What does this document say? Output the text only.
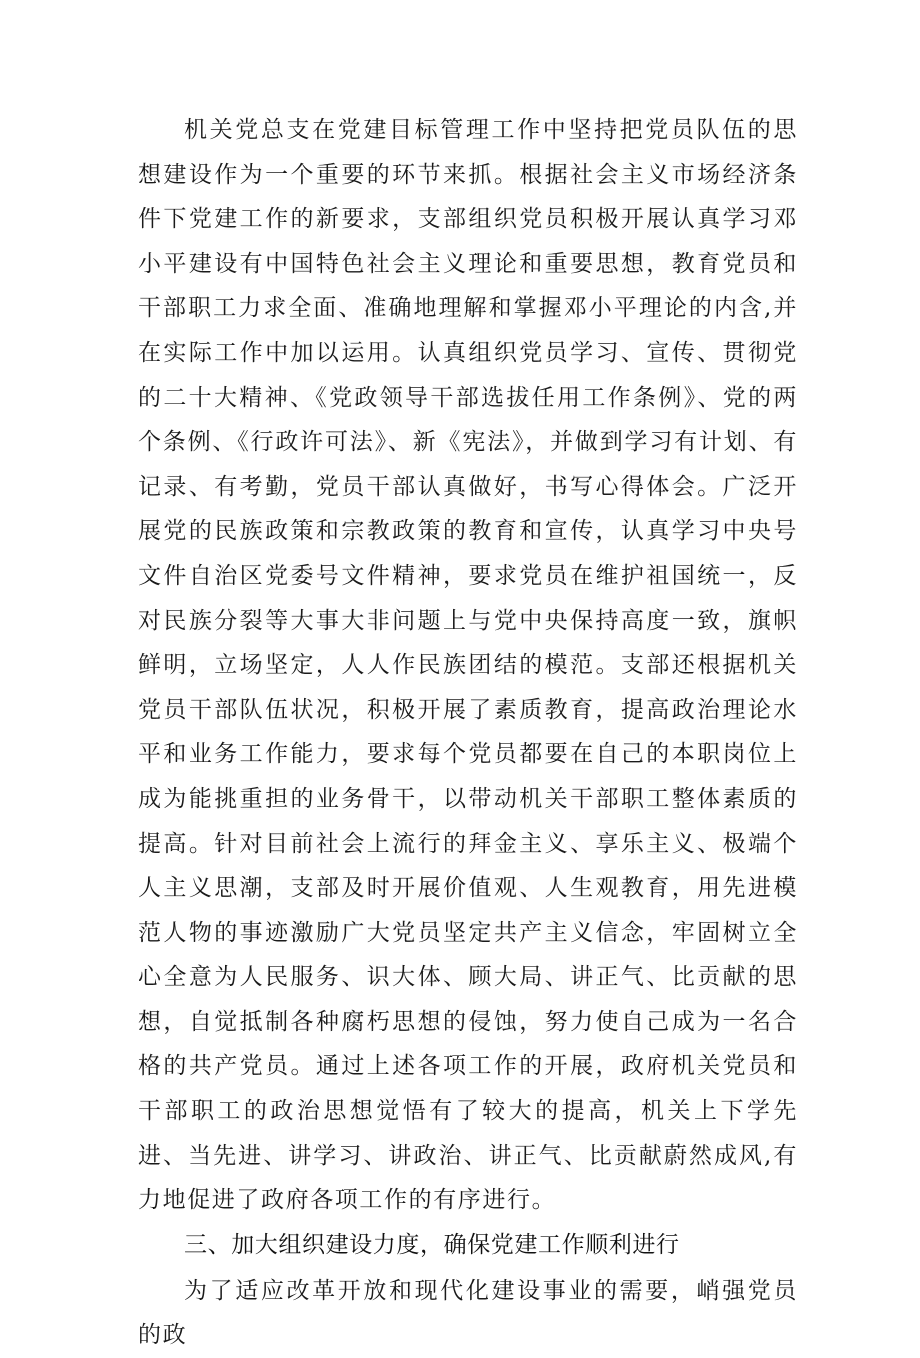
机关党总支在党建目标管理工作中坚持把党员队伍的思想建设作为一个重要的环节来抓。根据社会主义市场经济条件下党建工作的新要求，支部组织党员积极开展认真学习邓小平建设有中国特色社会主义理论和重要思想，教育党员和干部职工力求全面、准确地理解和掌握邓小平理论的内含,并在实际工作中加以运用。认真组织党员学习、宣传、贯彻党的二十大精神、《党政领导干部选拔任用工作条例》、党的两个条例、《行政许可法》、新《宪法》，并做到学习有计划、有记录、有考勤，党员干部认真做好，书写心得体会。广泛开展党的民族政策和宗教政策的教育和宣传，认真学习中央号文件自治区党委号文件精神，要求党员在维护祖国统一，反对民族分裂等大事大非问题上与党中央保持高度一致，旗帜鲜明，立场坚定，人人作民族团结的模范。支部还根据机关党员干部队伍状况，积极开展了素质教育，提高政治理论水平和业务工作能力，要求每个党员都要在自己的本职岗位上成为能挑重担的业务骨干，以带动机关干部职工整体素质的提高。针对目前社会上流行的拜金主义、享乐主义、极端个人主义思潮，支部及时开展价值观、人生观教育，用先进模范人物的事迹激励广大党员坚定共产主义信念，牢固树立全心全意为人民服务、识大体、顾大局、讲正气、比贡献的思想，自觉抵制各种腐朽思想的侵蚀，努力使自己成为一名合格的共产党员。通过上述各项工作的开展，政府机关党员和干部职工的政治思想觉悟有了较大的提高，机关上下学先进、当先进、讲学习、讲政治、讲正气、比贡献蔚然成风,有力地促进了政府各项工作的有序进行。

三、加大组织建设力度，确保党建工作顺利进行

为了适应改革开放和现代化建设事业的需要，峭强党员的政
